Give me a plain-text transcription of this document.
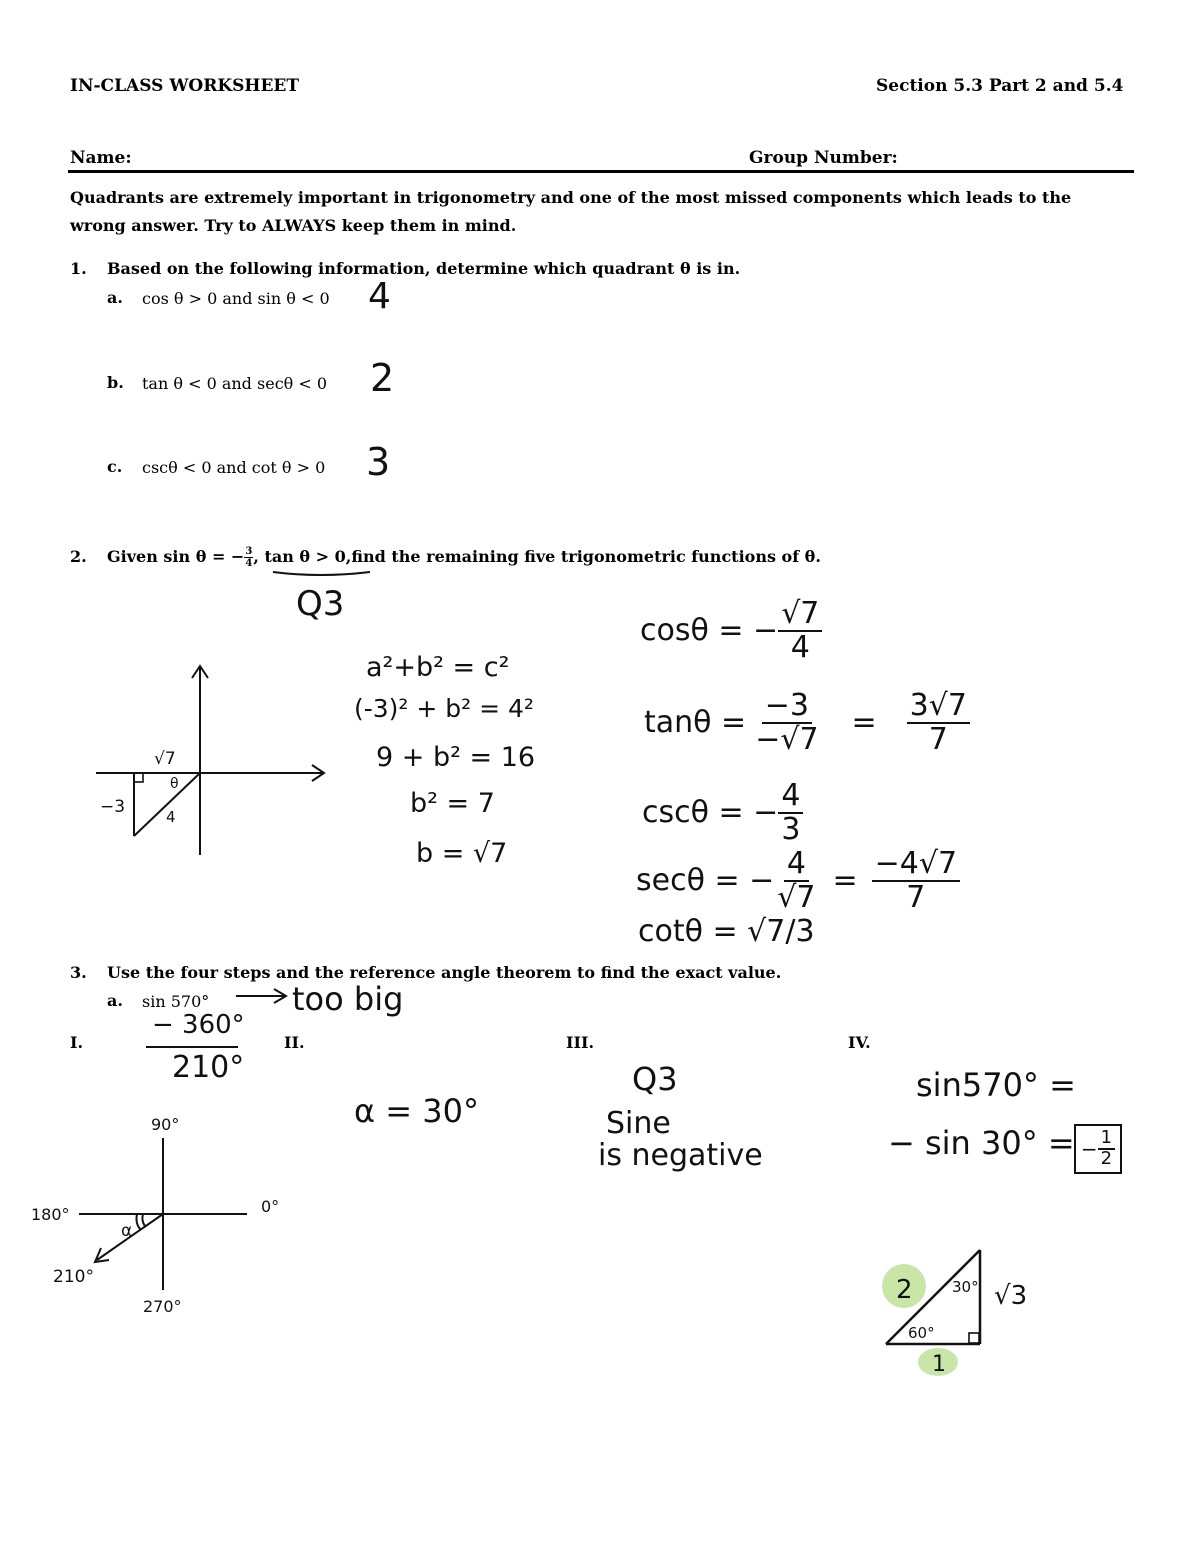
IN-CLASS WORKSHEET	Section 5.3 Part 2 and 5.4
Name:	Group Number:
Quadrants are extremely important in trigonometry and one of the most missed components which leads to the
wrong answer. Try to ALWAYS keep them in mind.
1. Based on the following information, determine which quadrant θ is in.
a. cos θ > 0 and sin θ < 0 4
b. tan θ < 0 and secθ < 0 2
c. cscθ < 0 and cot θ > 0 3
2. Given sin θ = − $\frac{3}{4}$ , tan θ > 0, find the remaining five trigonometric functions of θ.
Q3
√7
θ
−3	4
a²+b² = c²
(-3)² + b² = 4²
9 + b² = 16
b² = 7
b = √7
cosθ = − $\frac{√7}{4}$
$\tan\theta = \frac{-3}{-√7} = \frac{3√7}{7}$
cscθ = − $\frac{4}{3}$
secθ = − $\frac{4}{√7} = \frac{-4√7}{7}$
cotθ = √7/3
3. Use the four steps and the reference angle theorem to find the exact value.
a. sin 570°	too big
I.	II.	III.	IV.
− 360°
210°
90°
180°	0°
270°
210°
α
α = 30°
Q3
Sine
is negative
sin570° =
− sin 30° = − $\frac{1}{2}$
2	30°
60°
√3
1
